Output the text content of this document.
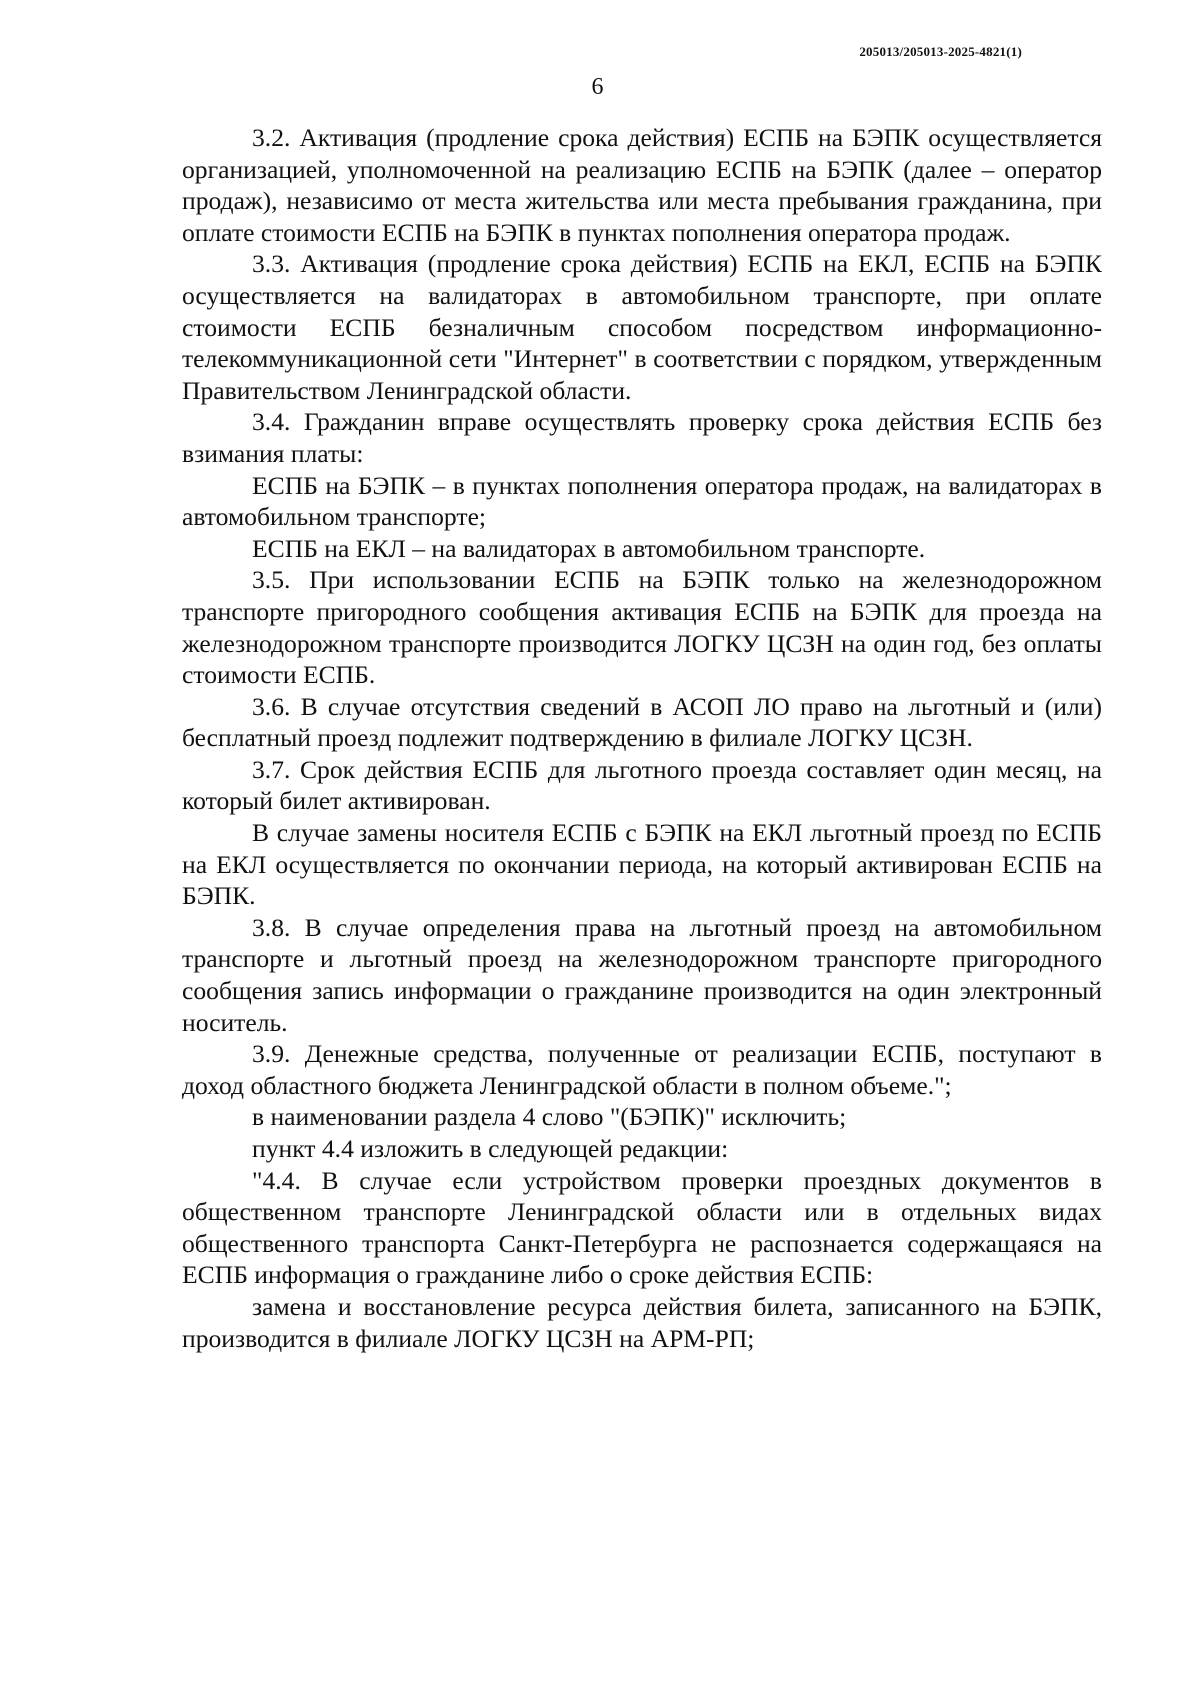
205013/205013-2025-4821(1)
6

3.2. Активация (продление срока действия) ЕСПБ на БЭПК осуществляется организацией, уполномоченной на реализацию ЕСПБ на БЭПК (далее – оператор продаж), независимо от места жительства или места пребывания гражданина, при оплате стоимости ЕСПБ на БЭПК в пунктах пополнения оператора продаж.

3.3. Активация (продление срока действия) ЕСПБ на ЕКЛ, ЕСПБ на БЭПК осуществляется на валидаторах в автомобильном транспорте, при оплате стоимости ЕСПБ безналичным способом посредством информационно-телекоммуникационной сети "Интернет" в соответствии с порядком, утвержденным Правительством Ленинградской области.

3.4. Гражданин вправе осуществлять проверку срока действия ЕСПБ без взимания платы:

ЕСПБ на БЭПК – в пунктах пополнения оператора продаж, на валидаторах в автомобильном транспорте;

ЕСПБ на ЕКЛ – на валидаторах в автомобильном транспорте.

3.5. При использовании ЕСПБ на БЭПК только на железнодорожном транспорте пригородного сообщения активация ЕСПБ на БЭПК для проезда на железнодорожном транспорте производится ЛОГКУ ЦСЗН на один год, без оплаты стоимости ЕСПБ.

3.6. В случае отсутствия сведений в АСОП ЛО право на льготный и (или) бесплатный проезд подлежит подтверждению в филиале ЛОГКУ ЦСЗН.

3.7. Срок действия ЕСПБ для льготного проезда составляет один месяц, на который билет активирован.

В случае замены носителя ЕСПБ с БЭПК на ЕКЛ льготный проезд по ЕСПБ на ЕКЛ осуществляется по окончании периода, на который активирован ЕСПБ на БЭПК.

3.8. В случае определения права на льготный проезд на автомобильном транспорте и льготный проезд на железнодорожном транспорте пригородного сообщения запись информации о гражданине производится на один электронный носитель.

3.9. Денежные средства, полученные от реализации ЕСПБ, поступают в доход областного бюджета Ленинградской области в полном объеме.";

в наименовании раздела 4 слово "(БЭПК)" исключить;

пункт 4.4 изложить в следующей редакции:

"4.4. В случае если устройством проверки проездных документов в общественном транспорте Ленинградской области или в отдельных видах общественного транспорта Санкт-Петербурга не распознается содержащаяся на ЕСПБ информация о гражданине либо о сроке действия ЕСПБ:

замена и восстановление ресурса действия билета, записанного на БЭПК, производится в филиале ЛОГКУ ЦСЗН на АРМ-РП;
